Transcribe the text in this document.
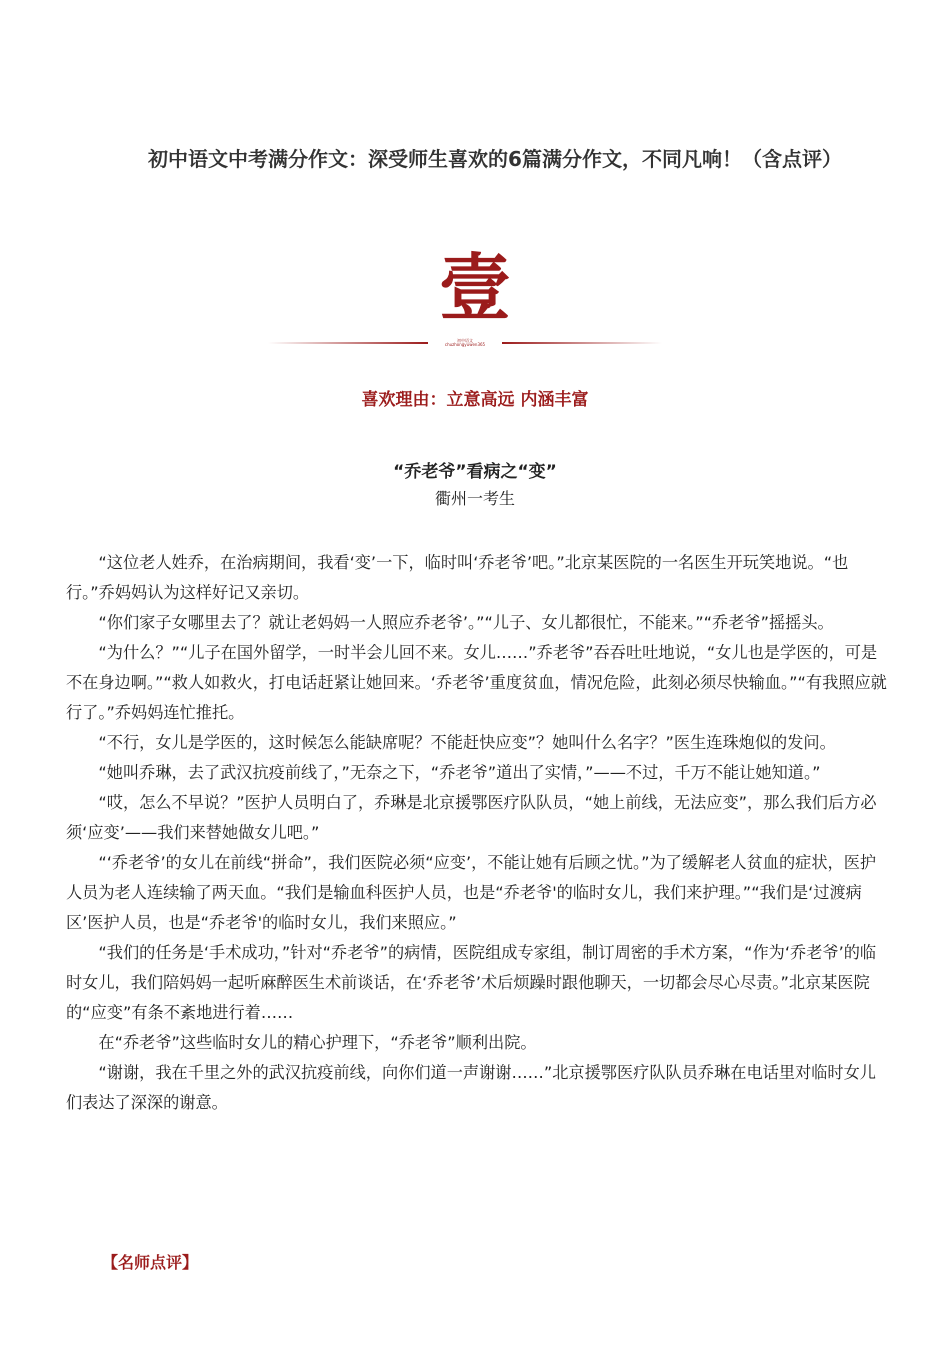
初中语文中考满分作文：深受师生喜欢的6篇满分作文，不同凡响！（含点评）
壹
初中语文
chuzhongyuwen365
喜欢理由：立意高远 内涵丰富
“乔老爷”看病之“变”
衢州一考生

“这位老人姓乔，在治病期间，我看‘变’一下，临时叫‘乔老爷’吧。”北京某医院的一名医生开玩笑地说。“也行。”乔妈妈认为这样好记又亲切。

“你们家子女哪里去了？就让老妈妈一人照应乔老爷’。”“儿子、女儿都很忙，不能来。”“乔老爷”摇摇头。

“为什么？”“儿子在国外留学，一时半会儿回不来。女儿……”乔老爷”吞吞吐吐地说，“女儿也是学医的，可是不在身边啊。”“救人如救火，打电话赶紧让她回来。‘乔老爷’重度贫血，情况危险，此刻必须尽快输血。”“有我照应就行了。”乔妈妈连忙推托。

“不行，女儿是学医的，这时候怎么能缺席呢？不能赶快应变”？她叫什么名字？”医生连珠炮似的发问。

“她叫乔琳，去了武汉抗疫前线了，”无奈之下，“乔老爷”道出了实情，”——不过，千万不能让她知道。”

“哎，怎么不早说？”医护人员明白了，乔琳是北京援鄂医疗队队员，“她上前线，无法应变”，那么我们后方必须‘应变’——我们来替她做女儿吧。”

“‘乔老爷’的女儿在前线“拼命”，我们医院必须“应变’，不能让她有后顾之忧。”为了缓解老人贫血的症状，医护人员为老人连续输了两天血。“我们是输血科医护人员，也是“乔老爷'的临时女儿，我们来护理。”“我们是‘过渡病区’医护人员，也是“乔老爷'的临时女儿，我们来照应。”

“我们的任务是‘手术成功，”针对“乔老爷”的病情，医院组成专家组，制订周密的手术方案，“作为‘乔老爷’的临时女儿，我们陪妈妈一起听麻醉医生术前谈话，在‘乔老爷’术后烦躁时跟他聊天，一切都会尽心尽责。”北京某医院的“应变”有条不紊地进行着……

在“乔老爷”这些临时女儿的精心护理下，“乔老爷”顺利出院。

“谢谢，我在千里之外的武汉抗疫前线，向你们道一声谢谢……”北京援鄂医疗队队员乔琳在电话里对临时女儿们表达了深深的谢意。

【名师点评】
